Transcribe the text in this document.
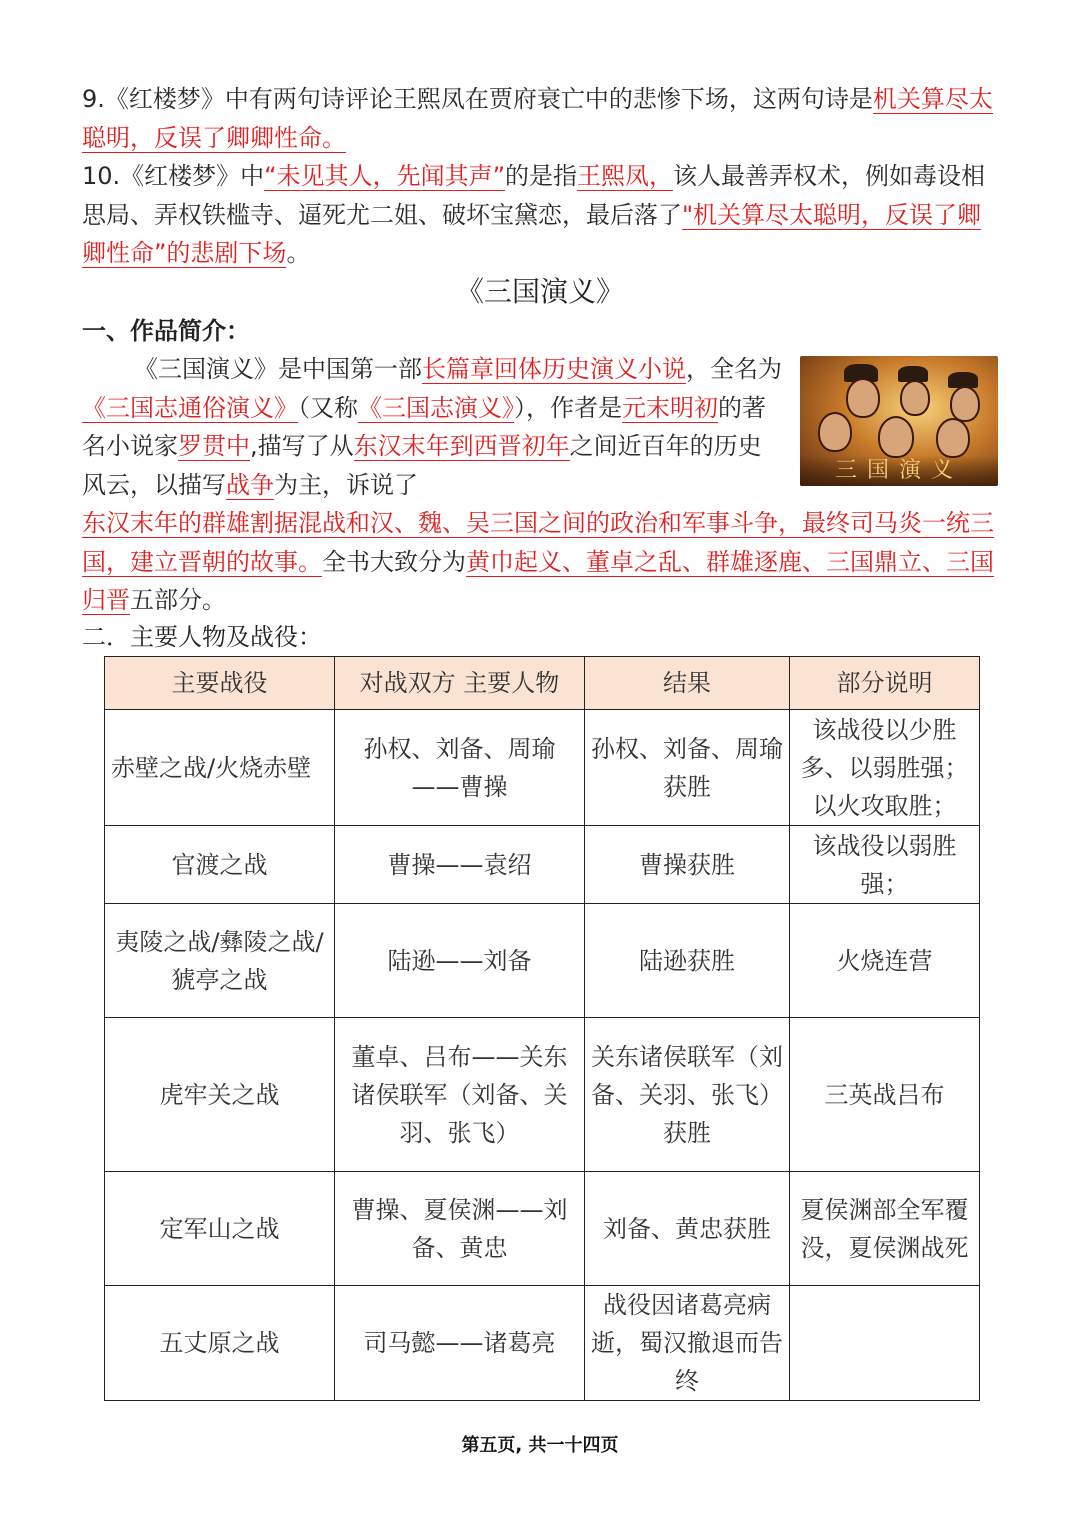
9.《红楼梦》中有两句诗评论王熙凤在贾府衰亡中的悲惨下场，这两句诗是机关算尽太聪明，反误了卿卿性命。
10.《红楼梦》中“未见其人，先闻其声”的是指王熙凤，该人最善弄权术，例如毒设相思局、弄权铁槛寺、逼死尤二姐、破坏宝黛恋，最后落了"机关算尽太聪明，反误了卿卿性命”的悲剧下场。
《三国演义》
一、作品简介：
《三国演义》是中国第一部长篇章回体历史演义小说，全名为《三国志通俗演义》（又称《三国志演义》），作者是元末明初的著名小说家罗贯中,描写了从东汉末年到西晋初年之间近百年的历史风云，以描写战争为主，诉说了
东汉末年的群雄割据混战和汉、魏、吴三国之间的政治和军事斗争，最终司马炎一统三国，建立晋朝的故事。全书大致分为黄巾起义、董卓之乱、群雄逐鹿、三国鼎立、三国归晋五部分。
三国演义
二．主要人物及战役：
主要战役	对战双方 主要人物	结果	部分说明
赤壁之战/火烧赤壁	孙权、刘备、周瑜——曹操	孙权、刘备、周瑜获胜	该战役以少胜多、以弱胜强；以火攻取胜；
官渡之战	曹操——袁绍	曹操获胜	该战役以弱胜强；
夷陵之战/彝陵之战/猇亭之战	陆逊——刘备	陆逊获胜	火烧连营
虎牢关之战	董卓、吕布——关东诸侯联军（刘备、关羽、张飞）	关东诸侯联军（刘备、关羽、张飞）获胜	三英战吕布
定军山之战	曹操、夏侯渊——刘备、黄忠	刘备、黄忠获胜	夏侯渊部全军覆没，夏侯渊战死
五丈原之战	司马懿——诸葛亮	战役因诸葛亮病逝，蜀汉撤退而告终	
第五页, 共一十四页
